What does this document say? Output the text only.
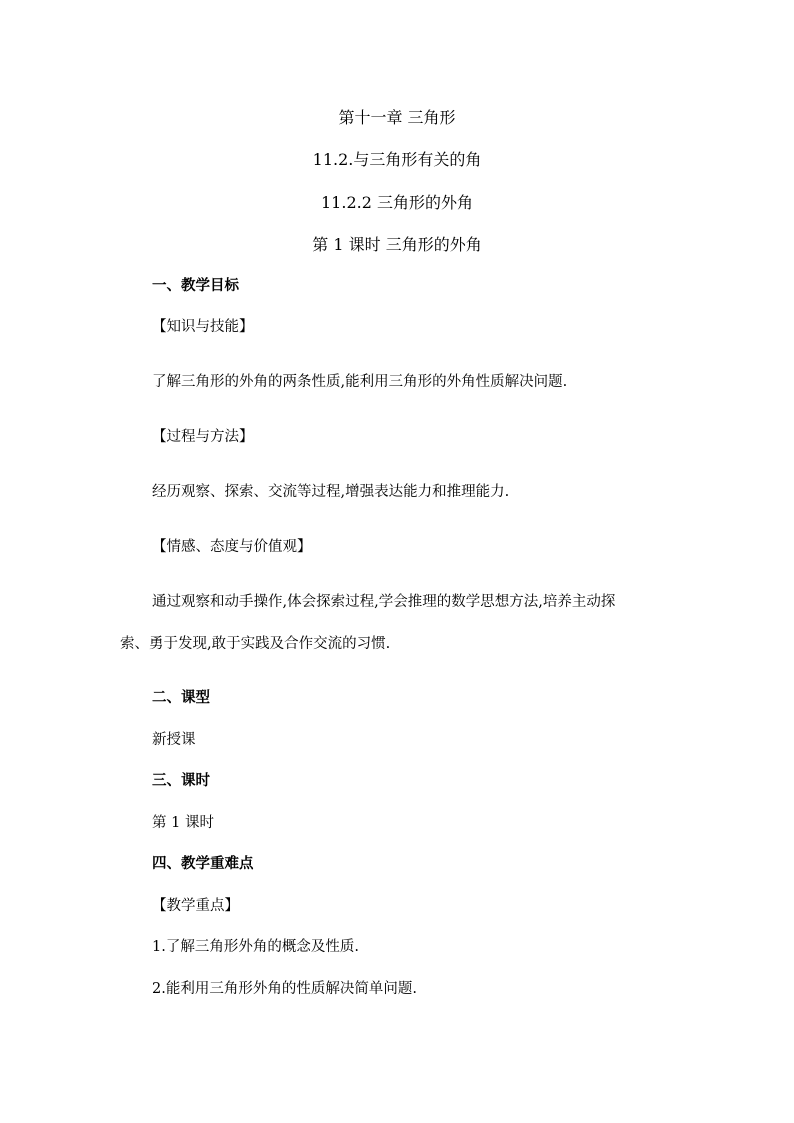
第十一章 三角形
11.2.与三角形有关的角
11.2.2 三角形的外角
第 1 课时 三角形的外角
一、教学目标
【知识与技能】
了解三角形的外角的两条性质,能利用三角形的外角性质解决问题.
【过程与方法】
经历观察、探索、交流等过程,增强表达能力和推理能力.
【情感、态度与价值观】
通过观察和动手操作,体会探索过程,学会推理的数学思想方法,培养主动探
索、勇于发现,敢于实践及合作交流的习惯.
二、课型
新授课
三、课时
第 1 课时
四、教学重难点
【教学重点】
1.了解三角形外角的概念及性质.
2.能利用三角形外角的性质解决简单问题.
